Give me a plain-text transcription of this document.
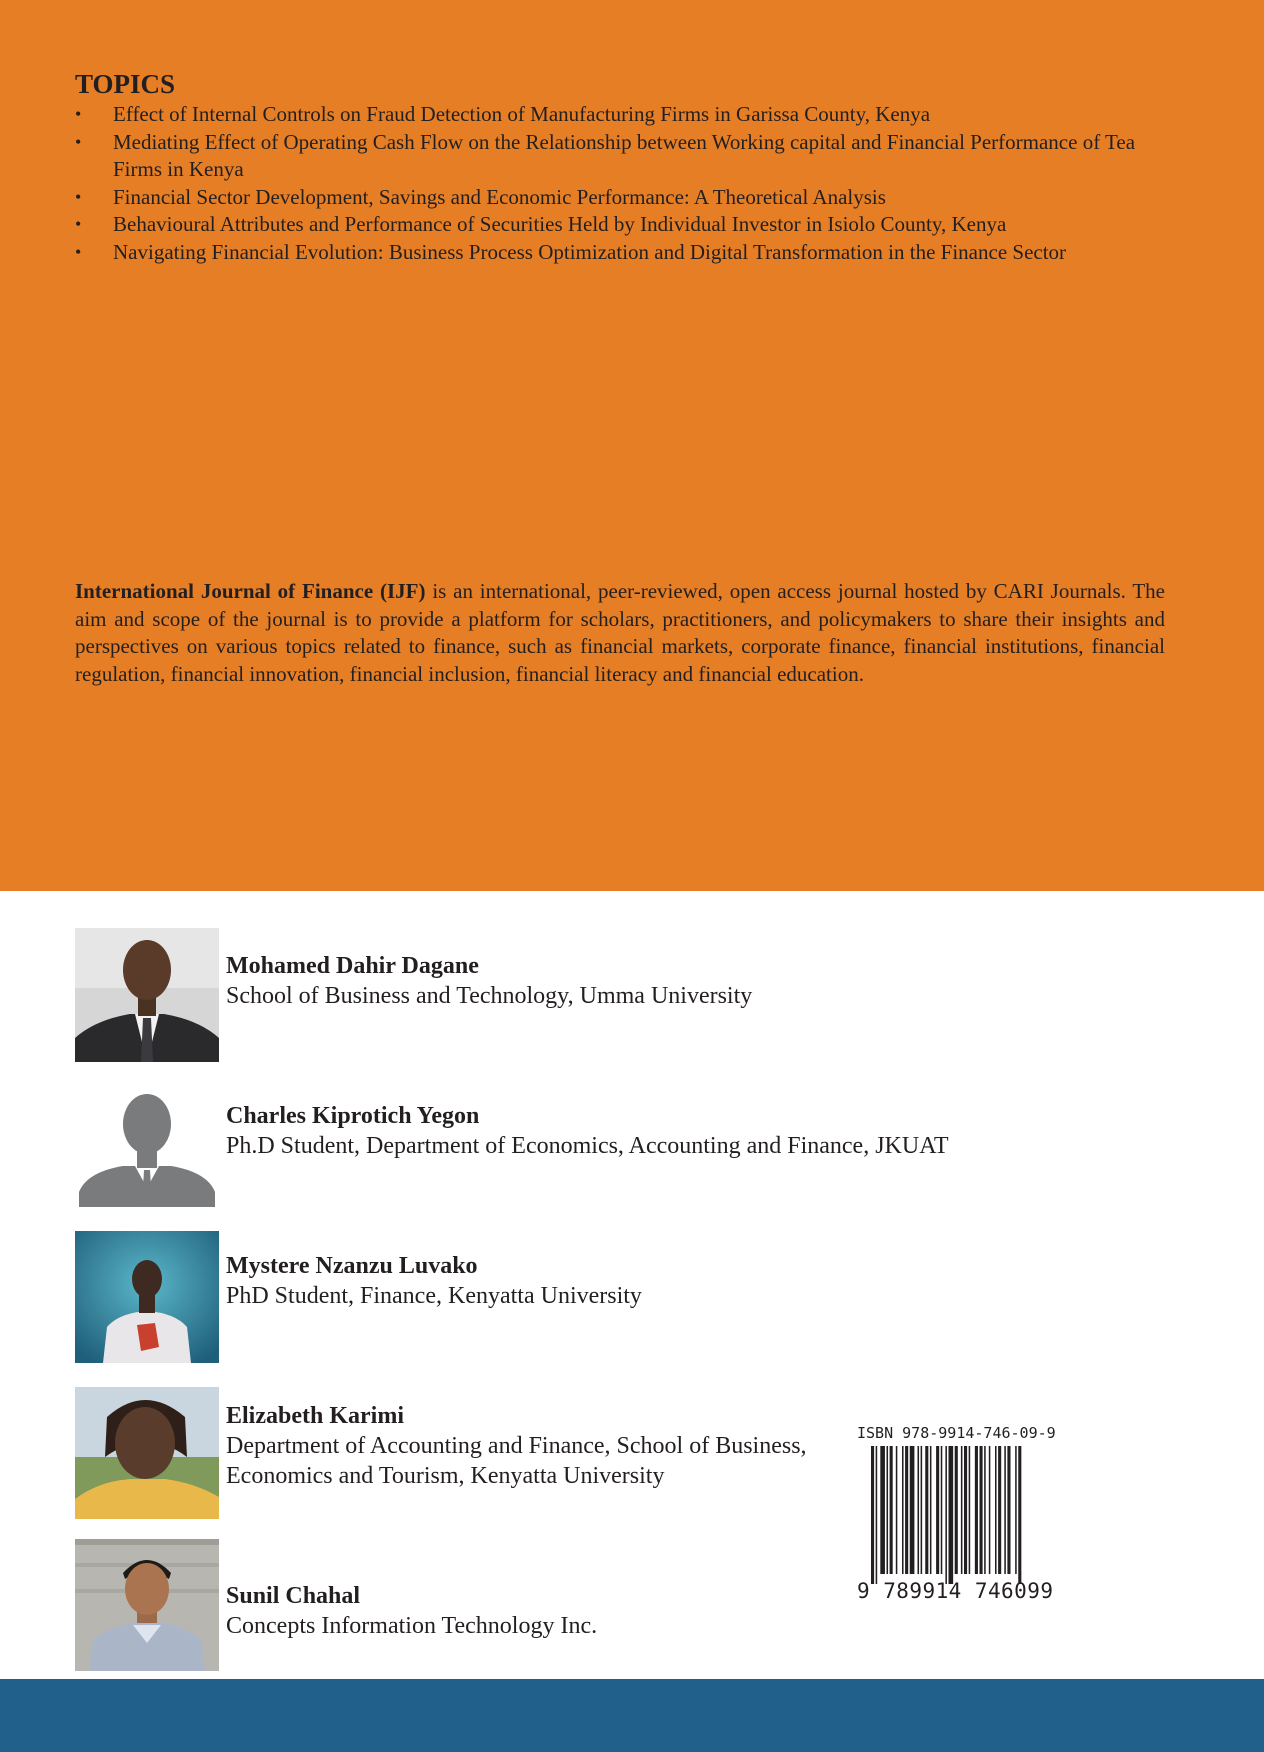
TOPICS
• Effect of Internal Controls on Fraud Detection of Manufacturing Firms in Garissa County, Kenya
• Mediating Effect of Operating Cash Flow on the Relationship between Working capital and Financial Performance of Tea Firms in Kenya
• Financial Sector Development, Savings and Economic Performance: A Theoretical Analysis
• Behavioural Attributes and Performance of Securities Held by Individual Investor in Isiolo County, Kenya
• Navigating Financial Evolution: Business Process Optimization and Digital Transformation in the Finance Sector

International Journal of Finance (IJF) is an international, peer-reviewed, open access journal hosted by CARI Journals. The aim and scope of the journal is to provide a platform for scholars, practitioners, and policymakers to share their insights and perspectives on various topics related to finance, such as financial markets, corporate finance, financial institutions, financial regulation, financial innovation, financial inclusion, financial literacy and financial education.

Mohamed Dahir Dagane
School of Business and Technology, Umma University
Charles Kiprotich Yegon
Ph.D Student, Department of Economics, Accounting and Finance, JKUAT
Mystere Nzanzu Luvako
PhD Student, Finance, Kenyatta University
Elizabeth Karimi
Department of Accounting and Finance, School of Business, Economics and Tourism, Kenyatta University
Sunil Chahal
Concepts Information Technology Inc.
ISBN 978-9914-746-09-9
9 789914 746099
